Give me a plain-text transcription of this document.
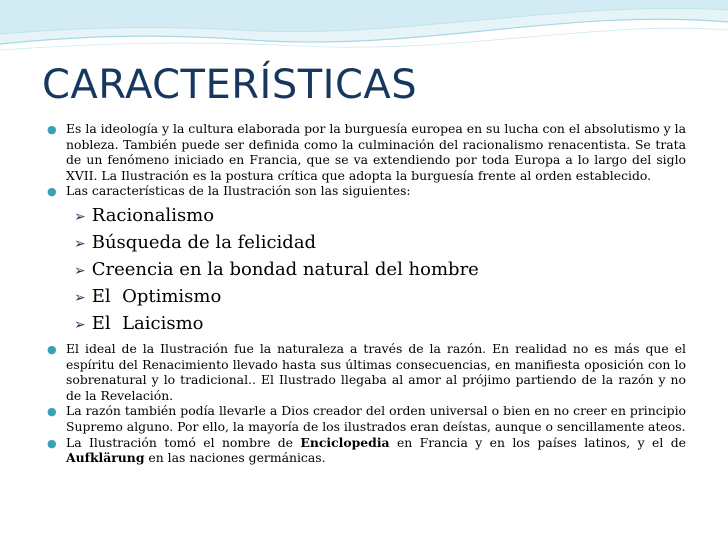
CARACTERÍSTICAS
● Es la ideología y la cultura elaborada por la burguesía europea en su lucha con el absolutismo y la nobleza. También puede ser definida como la culminación del racionalismo renacentista. Se trata de un fenómeno iniciado en Francia, que se va extendiendo por toda Europa a lo largo del siglo XVII. La Ilustración es la postura crítica que adopta la burguesía frente al orden establecido.
● Las características de la Ilustración son las siguientes:
➢ Racionalismo
➢ Búsqueda de la felicidad
➢ Creencia en la bondad natural del hombre
➢ El  Optimismo
➢ El  Laicismo
● El ideal de la Ilustración fue la naturaleza a través de la razón. En realidad no es más que el espíritu del Renacimiento llevado hasta sus últimas consecuencias, en manifiesta oposición con lo sobrenatural y lo tradicional.. El Ilustrado llegaba al amor al prójimo partiendo de la razón y no de la Revelación.
● La razón también podía llevarle a Dios creador del orden universal o bien en no creer en principio Supremo alguno. Por ello, la mayoría de los ilustrados eran deístas, aunque o sencillamente ateos.
● La Ilustración tomó el nombre de Enciclopedia en Francia y en los países latinos, y el de Aufklärung en las naciones germánicas.
